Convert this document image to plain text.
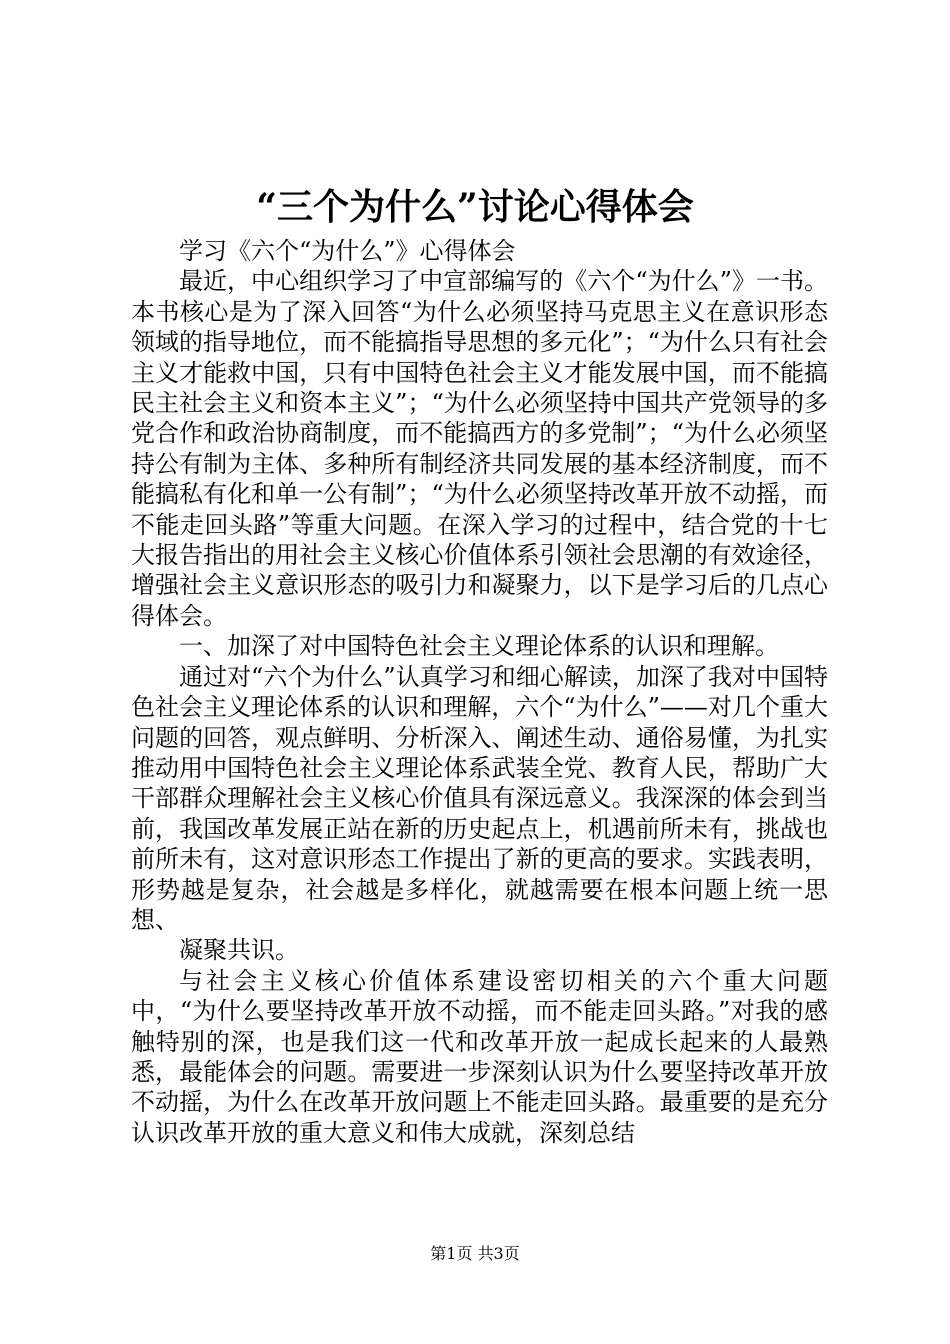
“三个为什么”讨论心得体会

学习《六个“为什么”》心得体会

最近，中心组织学习了中宣部编写的《六个“为什么”》一书。本书核心是为了深入回答“为什么必须坚持马克思主义在意识形态领域的指导地位，而不能搞指导思想的多元化”；“为什么只有社会主义才能救中国，只有中国特色社会主义才能发展中国，而不能搞民主社会主义和资本主义”；“为什么必须坚持中国共产党领导的多党合作和政治协商制度，而不能搞西方的多党制”；“为什么必须坚持公有制为主体、多种所有制经济共同发展的基本经济制度，而不能搞私有化和单一公有制”；“为什么必须坚持改革开放不动摇，而不能走回头路”等重大问题。在深入学习的过程中，结合党的十七大报告指出的用社会主义核心价值体系引领社会思潮的有效途径，增强社会主义意识形态的吸引力和凝聚力，以下是学习后的几点心得体会。

一、加深了对中国特色社会主义理论体系的认识和理解。

通过对“六个为什么”认真学习和细心解读，加深了我对中国特色社会主义理论体系的认识和理解，六个“为什么”——对几个重大问题的回答，观点鲜明、分析深入、阐述生动、通俗易懂，为扎实推动用中国特色社会主义理论体系武装全党、教育人民，帮助广大干部群众理解社会主义核心价值具有深远意义。我深深的体会到当前，我国改革发展正站在新的历史起点上，机遇前所未有，挑战也前所未有，这对意识形态工作提出了新的更高的要求。实践表明，形势越是复杂，社会越是多样化，就越需要在根本问题上统一思想、

凝聚共识。

与社会主义核心价值体系建设密切相关的六个重大问题中，“为什么要坚持改革开放不动摇，而不能走回头路。”对我的感触特别的深，也是我们这一代和改革开放一起成长起来的人最熟悉，最能体会的问题。需要进一步深刻认识为什么要坚持改革开放不动摇，为什么在改革开放问题上不能走回头路。最重要的是充分认识改革开放的重大意义和伟大成就，深刻总结

第1页 共3页
